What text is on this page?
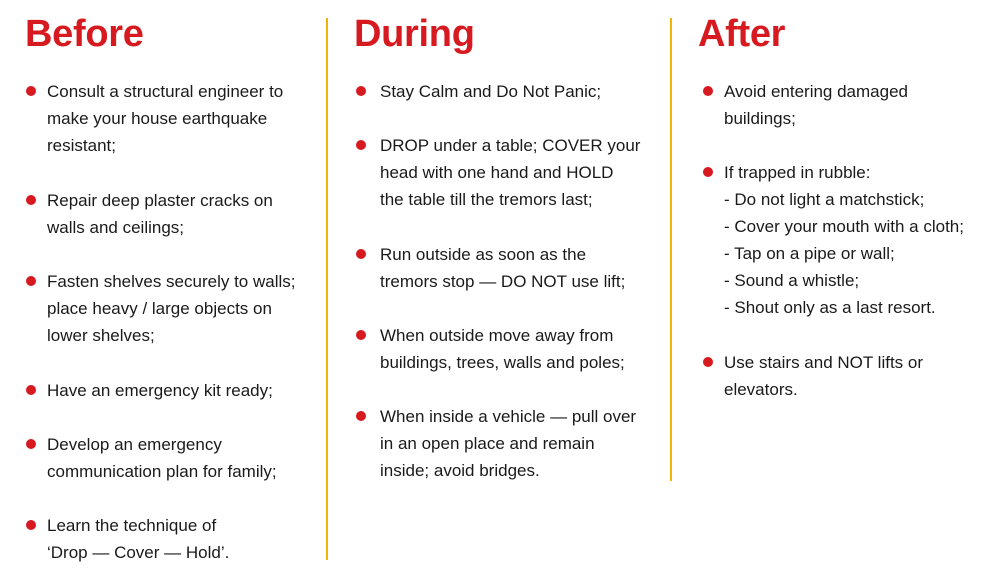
Before
Consult a structural engineer to
make your house earthquake
resistant;
Repair deep plaster cracks on
walls and ceilings;
Fasten shelves securely to walls;
place heavy / large objects on
lower shelves;
Have an emergency kit ready;
Develop an emergency
communication plan for family;
Learn the technique of
‘Drop — Cover — Hold’.
During
Stay Calm and Do Not Panic;
DROP under a table; COVER your
head with one hand and HOLD
the table till the tremors last;
Run outside as soon as the
tremors stop — DO NOT use lift;
When outside move away from
buildings, trees, walls and poles;
When inside a vehicle — pull over
in an open place and remain
inside; avoid bridges.
After
Avoid entering damaged
buildings;
If trapped in rubble:
- Do not light a matchstick;
- Cover your mouth with a cloth;
- Tap on a pipe or wall;
- Sound a whistle;
- Shout only as a last resort.
Use stairs and NOT lifts or
elevators.
